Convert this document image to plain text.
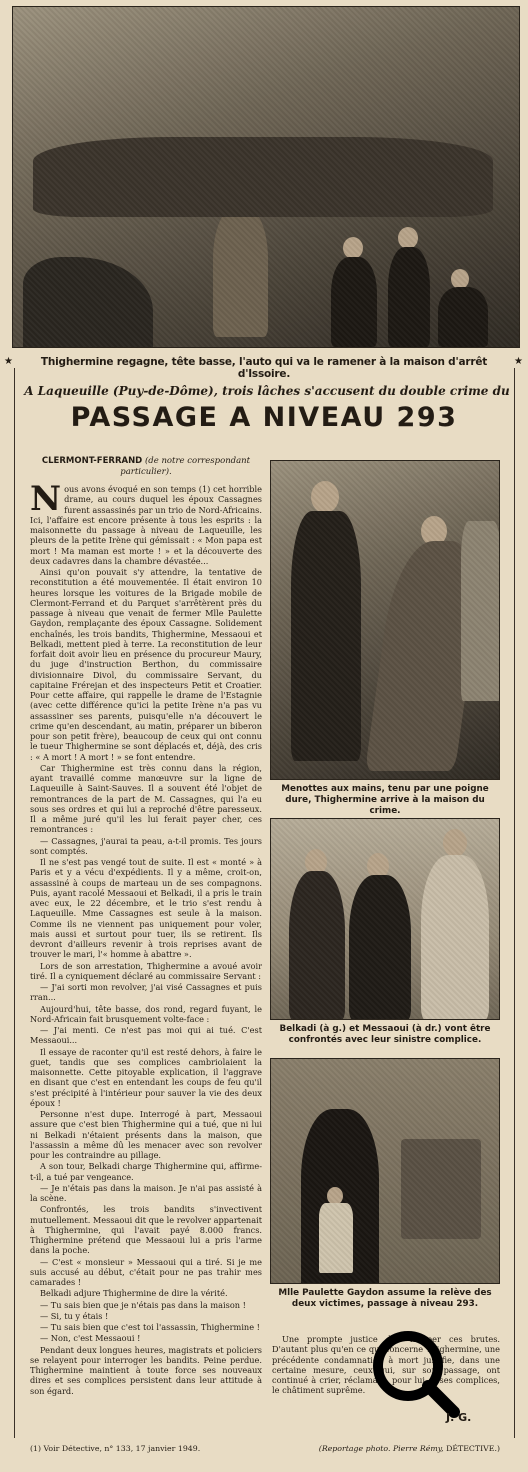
★	★
Thighermine regagne, tête basse, l'auto qui va le ramener à la maison d'arrêt d'Issoire.
A Laqueuille (Puy-de-Dôme), trois lâches s'accusent du double crime du
PASSAGE A NIVEAU 293
CLERMONT-FERRAND (de notre correspondant particulier).

Nous avons évoqué en son temps (1) cet horrible drame, au cours duquel les époux Cassagnes furent assassinés par un trio de Nord-Africains. Ici, l'affaire est encore présente à tous les esprits : la maisonnette du passage à niveau de Laqueuille, les pleurs de la petite Irène qui gémissait : « Mon papa est mort ! Ma maman est morte ! » et la découverte des deux cadavres dans la chambre dévastée...

Ainsi qu'on pouvait s'y attendre, la tentative de reconstitution a été mouvementée. Il était environ 10 heures lorsque les voitures de la Brigade mobile de Clermont-Ferrand et du Parquet s'arrêtèrent près du passage à niveau que venait de fermer Mlle Paulette Gaydon, remplaçante des époux Cassagne. Solidement enchaînés, les trois bandits, Thighermine, Messaoui et Belkadi, mettent pied à terre. La reconstitution de leur forfait doit avoir lieu en présence du procureur Maury, du juge d'instruction Berthon, du commissaire divisionnaire Divol, du commissaire Servant, du capitaine Frérejan et des inspecteurs Petit et Croatier. Pour cette affaire, qui rappelle le drame de l'Estagnie (avec cette différence qu'ici la petite Irène n'a pas vu assassiner ses parents, puisqu'elle n'a découvert le crime qu'en descendant, au matin, préparer un biberon pour son petit frère), beaucoup de ceux qui ont connu le tueur Thighermine se sont déplacés et, déjà, des cris : « A mort ! A mort ! » se font entendre.

Car Thighermine est très connu dans la région, ayant travaillé comme manœuvre sur la ligne de Laqueuille à Saint-Sauves. Il a souvent été l'objet de remontrances de la part de M. Cassagnes, qui l'a eu sous ses ordres et qui lui a reproché d'être paresseux. Il a même juré qu'il les lui ferait payer cher, ces remontrances :

— Cassagnes, j'aurai ta peau, a-t-il promis. Tes jours sont comptés.

Il ne s'est pas vengé tout de suite. Il est « monté » à Paris et y a vécu d'expédients. Il y a même, croit-on, assassiné à coups de marteau un de ses compagnons. Puis, ayant racolé Messaoui et Belkadi, il a pris le train avec eux, le 22 décembre, et le trio s'est rendu à Laqueuille. Mme Cassagnes est seule à la maison. Comme ils ne viennent pas uniquement pour voler, mais aussi et surtout pour tuer, ils se retirent. Ils devront d'ailleurs revenir à trois reprises avant de trouver le mari, l'« homme à abattre ».

Lors de son arrestation, Thighermine a avoué avoir tiré. Il a cyniquement déclaré au commissaire Servant :

— J'ai sorti mon revolver, j'ai visé Cassagnes et puis rran...

Aujourd'hui, tête basse, dos rond, regard fuyant, le Nord-Africain fait brusquement volte-face :

— J'ai menti. Ce n'est pas moi qui ai tué. C'est Messaoui...

Il essaye de raconter qu'il est resté dehors, à faire le guet, tandis que ses complices cambriolaient la maisonnette. Cette pitoyable explication, il l'aggrave en disant que c'est en entendant les coups de feu qu'il s'est précipité à l'intérieur pour sauver la vie des deux époux !

Personne n'est dupe. Interrogé à part, Messaoui assure que c'est bien Thighermine qui a tué, que ni lui ni Belkadi n'étaient présents dans la maison, que l'assassin a même dû les menacer avec son revolver pour les contraindre au pillage.

A son tour, Belkadi charge Thighermine qui, affirme-t-il, a tué par vengeance.

— Je n'étais pas dans la maison. Je n'ai pas assisté à la scène.

Confrontés, les trois bandits s'invectivent mutuellement. Messaoui dit que le revolver appartenait à Thighermine, qui l'avait payé 8.000 francs. Thighermine prétend que Messaoui lui a pris l'arme dans la poche.

— C'est « monsieur » Messaoui qui a tiré. Si je me suis accusé au début, c'était pour ne pas trahir mes camarades !

Belkadi adjure Thighermine de dire la vérité.

— Tu sais bien que je n'étais pas dans la maison !

— Si, tu y étais !

— Tu sais bien que c'est toi l'assassin, Thighermine !

— Non, c'est Messaoui !

Pendant deux longues heures, magistrats et policiers se relayent pour interroger les bandits. Peine perdue. Thighermine maintient à toute force ses nouveaux dires et ses complices persistent dans leur attitude à son égard.

Menottes aux mains, tenu par une poigne dure, Thighermine arrive à la maison du crime.
Belkadi (à g.) et Messaoui (à dr.) vont être confrontés avec leur sinistre complice.
Mlle Paulette Gaydon assume la relève des deux victimes, passage à niveau 293.

Une prompte justice doit frapper ces brutes. D'autant plus qu'en ce qui concerne Thighermine, une précédente condamnation à mort justifie, dans une certaine mesure, ceux qui, sur son passage, ont continué à crier, réclamant, pour lui et ses complices, le châtiment suprême.

J. G.
(1) Voir Détective, n° 133, 17 janvier 1949.	(Reportage photo. Pierre Rémy, DÉTECTIVE.)
